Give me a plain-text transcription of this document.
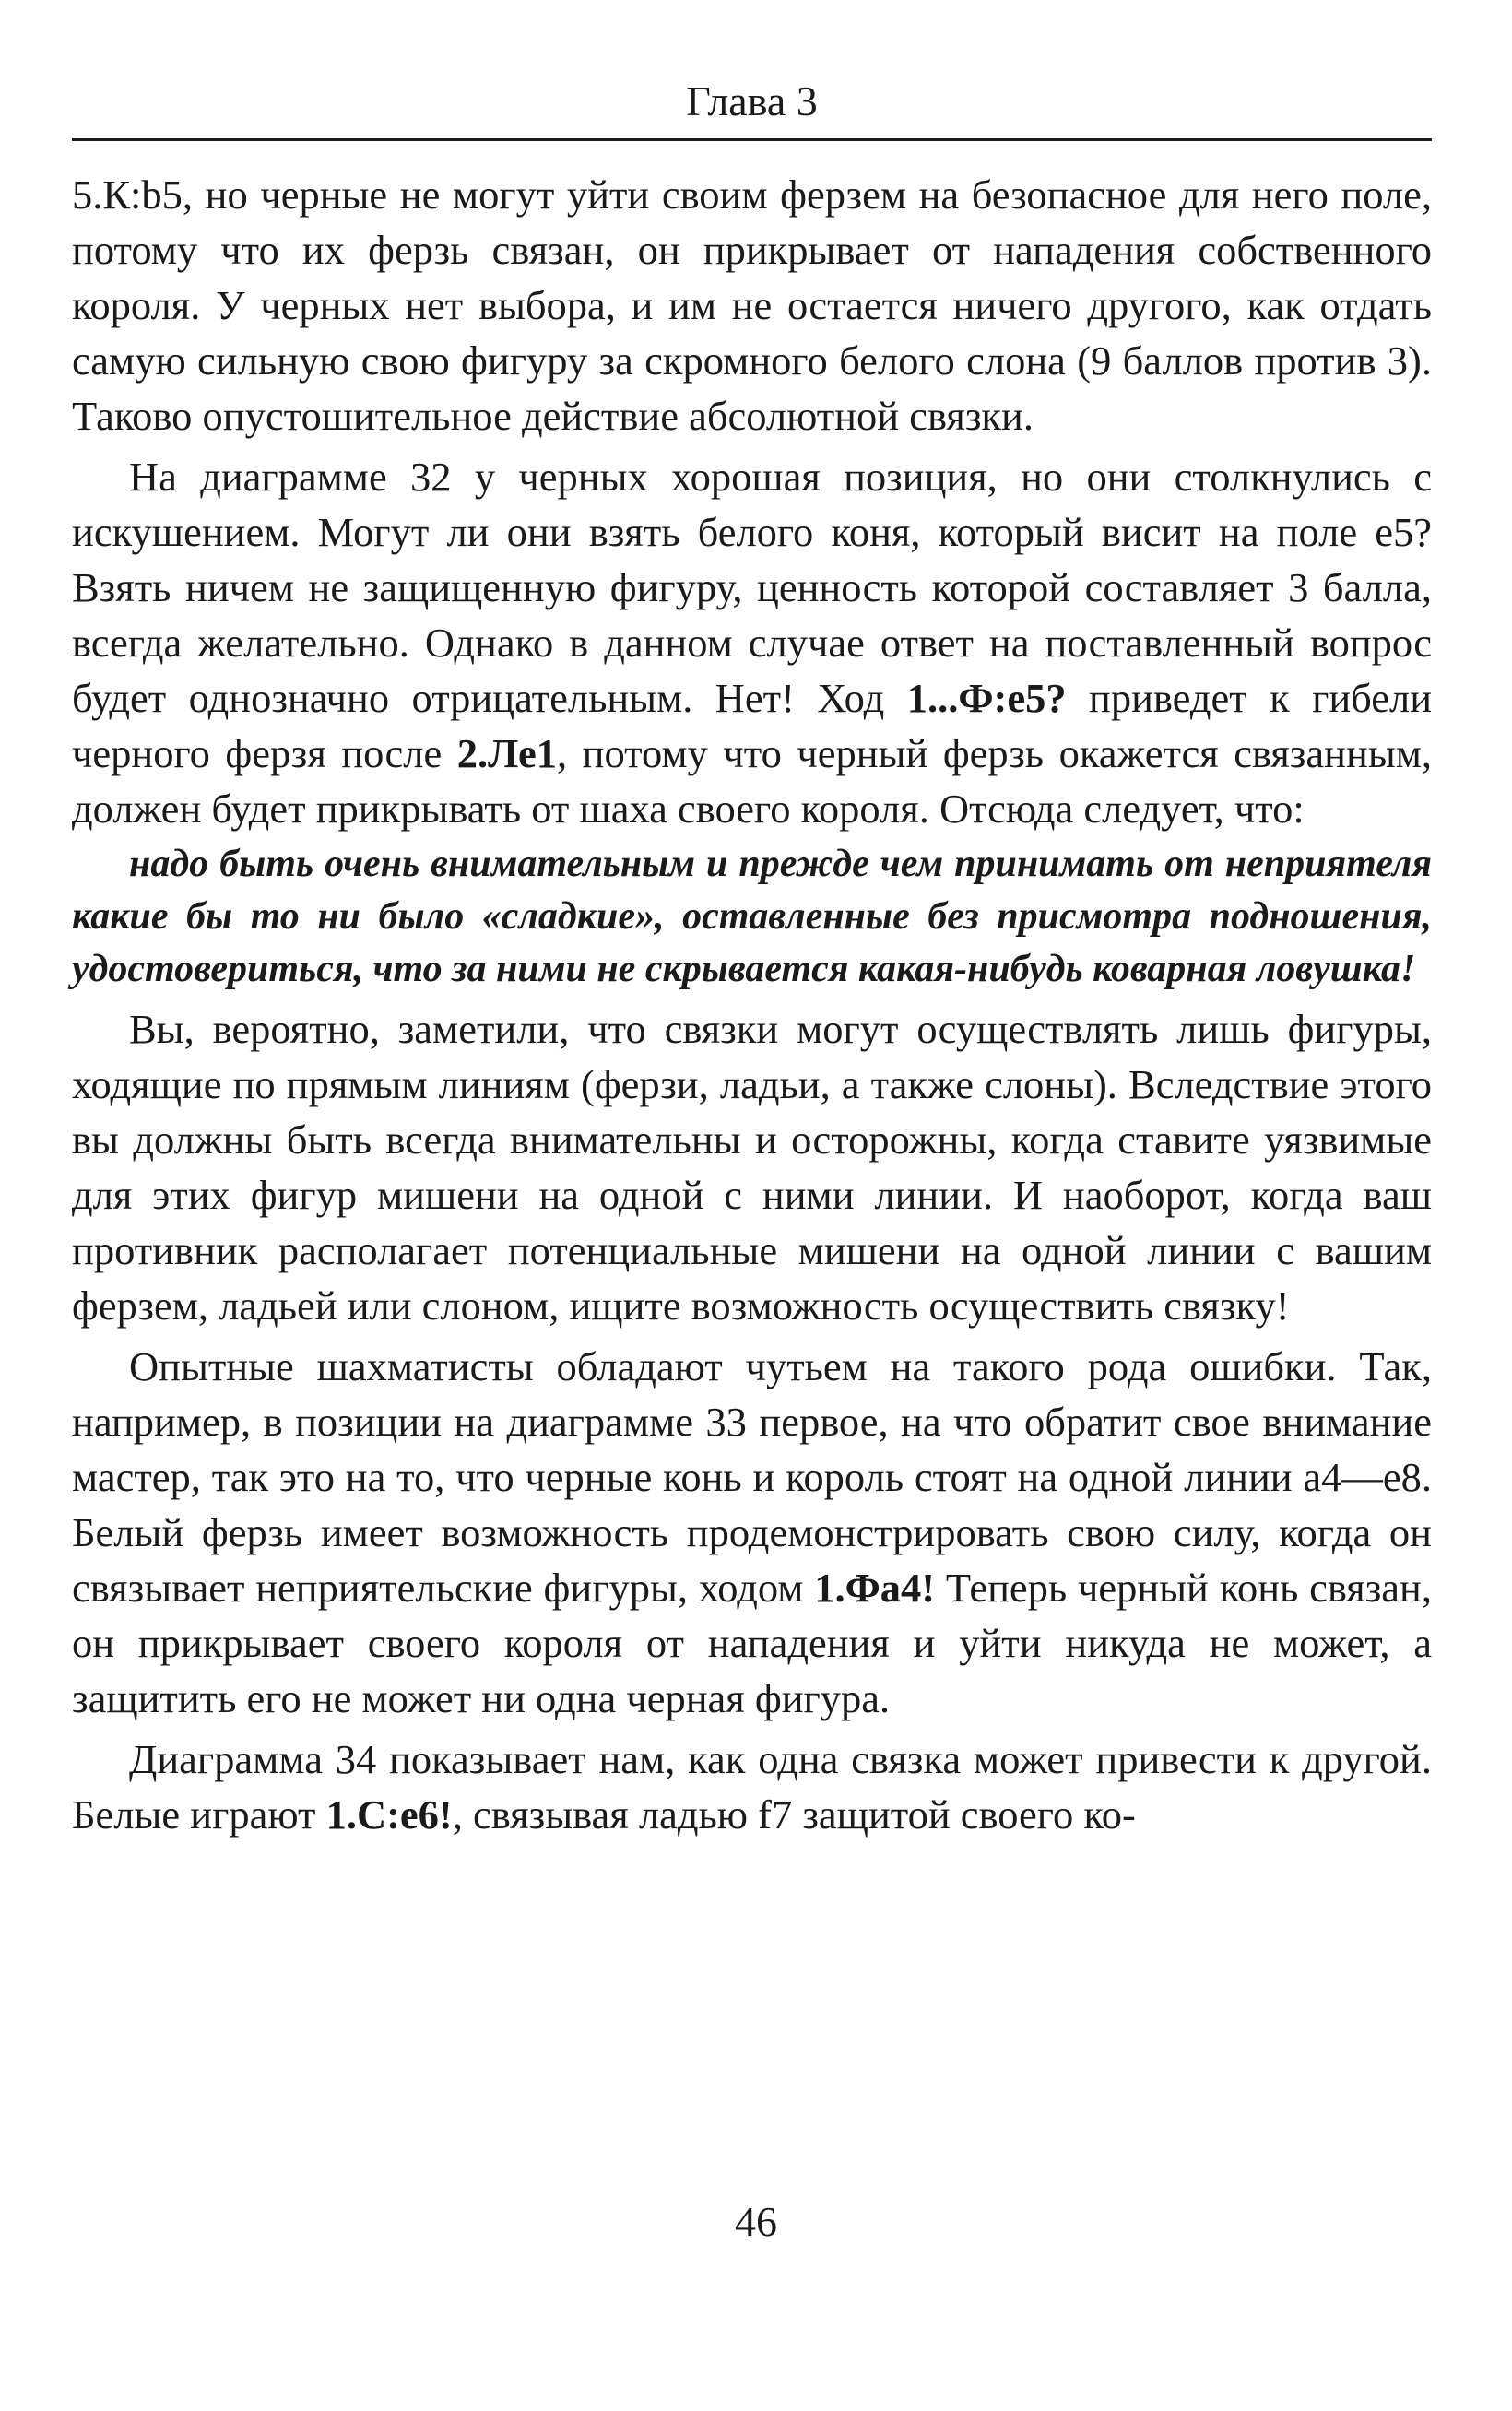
Глава 3

5.К:b5, но черные не могут уйти своим ферзем на безопасное для него поле, потому что их ферзь связан, он прикрывает от нападения собственного короля. У черных нет выбора, и им не остается ничего другого, как отдать самую сильную свою фигуру за скромного белого слона (9 баллов против 3). Таково опустошительное действие абсолютной связки.

На диаграмме 32 у черных хорошая позиция, но они столкнулись с искушением. Могут ли они взять белого коня, который висит на поле е5? Взять ничем не защищенную фигуру, ценность которой составляет 3 балла, всегда желательно. Однако в данном случае ответ на поставленный вопрос будет однозначно отрицательным. Нет! Ход 1...Ф:е5? приведет к гибели черного ферзя после 2.Ле1, потому что черный ферзь окажется связанным, должен будет прикрывать от шаха своего короля. Отсюда следует, что:

надо быть очень внимательным и прежде чем принимать от неприятеля какие бы то ни было «сладкие», оставленные без присмотра подношения, удостовериться, что за ними не скрывается какая-нибудь коварная ловушка!

Вы, вероятно, заметили, что связки могут осуществлять лишь фигуры, ходящие по прямым линиям (ферзи, ладьи, а также слоны). Вследствие этого вы должны быть всегда внимательны и осторожны, когда ставите уязвимые для этих фигур мишени на одной с ними линии. И наоборот, когда ваш противник располагает потенциальные мишени на одной линии с вашим ферзем, ладьей или слоном, ищите возможность осуществить связку!

Опытные шахматисты обладают чутьем на такого рода ошибки. Так, например, в позиции на диаграмме 33 первое, на что обратит свое внимание мастер, так это на то, что черные конь и король стоят на одной линии а4—е8. Белый ферзь имеет возможность продемонстрировать свою силу, когда он связывает неприятельские фигуры, ходом 1.Фа4! Теперь черный конь связан, он прикрывает своего короля от нападения и уйти никуда не может, а защитить его не может ни одна черная фигура.

Диаграмма 34 показывает нам, как одна связка может привести к другой. Белые играют 1.С:е6!, связывая ладью f7 защитой своего ко-

46
